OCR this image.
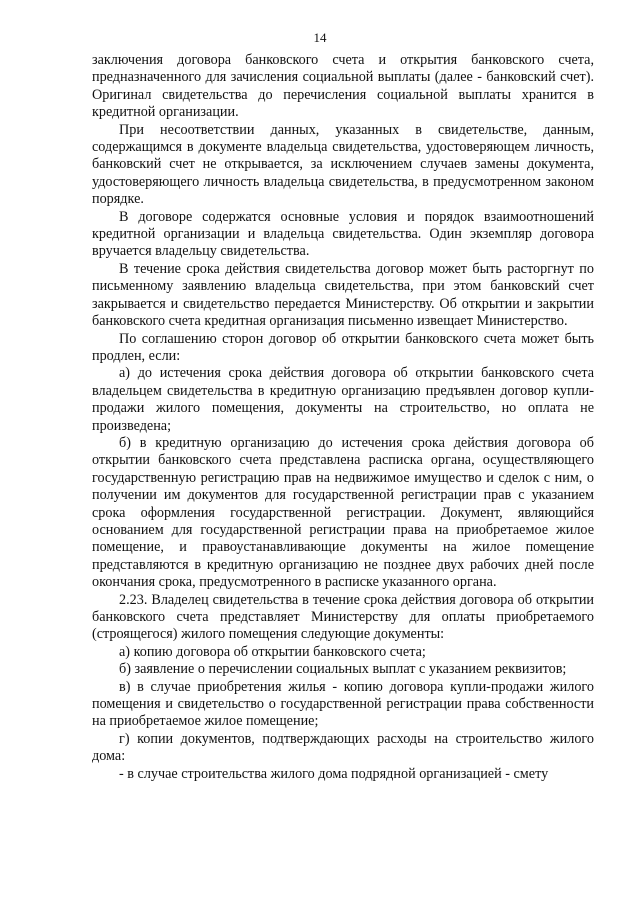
14

заключения договора банковского счета и открытия банковского счета, предназначенного для зачисления социальной выплаты (далее - банковский счет). Оригинал свидетельства до перечисления социальной выплаты хранится в кредитной организации.

При несоответствии данных, указанных в свидетельстве, данным, содержащимся в документе владельца свидетельства, удостоверяющем личность, банковский счет не открывается, за исключением случаев замены документа, удостоверяющего личность владельца свидетельства, в предусмотренном законом порядке.

В договоре содержатся основные условия и порядок взаимоотношений кредитной организации и владельца свидетельства. Один экземпляр договора вручается владельцу свидетельства.

В течение срока действия свидетельства договор может быть расторгнут по письменному заявлению владельца свидетельства, при этом банковский счет закрывается и свидетельство передается Министерству. Об открытии и закрытии банковского счета кредитная организация письменно извещает Министерство.

По соглашению сторон договор об открытии банковского счета может быть продлен, если:

а) до истечения срока действия договора об открытии банковского счета владельцем свидетельства в кредитную организацию предъявлен договор купли-продажи жилого помещения, документы на строительство, но оплата не произведена;

б) в кредитную организацию до истечения срока действия договора об открытии банковского счета представлена расписка органа, осуществляющего государственную регистрацию прав на недвижимое имущество и сделок с ним, о получении им документов для государственной регистрации прав с указанием срока оформления государственной регистрации. Документ, являющийся основанием для государственной регистрации права на приобретаемое жилое помещение, и правоустанавливающие документы на жилое помещение представляются в кредитную организацию не позднее двух рабочих дней после окончания срока, предусмотренного в расписке указанного органа.

2.23. Владелец свидетельства в течение срока действия договора об открытии банковского счета представляет Министерству для оплаты приобретаемого (строящегося) жилого помещения следующие документы:

а) копию договора об открытии банковского счета;

б) заявление о перечислении социальных выплат с указанием реквизитов;

в) в случае приобретения жилья - копию договора купли-продажи жилого помещения и свидетельство о государственной регистрации права собственности на приобретаемое жилое помещение;

г) копии документов, подтверждающих расходы на строительство жилого дома:

- в случае строительства жилого дома подрядной организацией - смету
